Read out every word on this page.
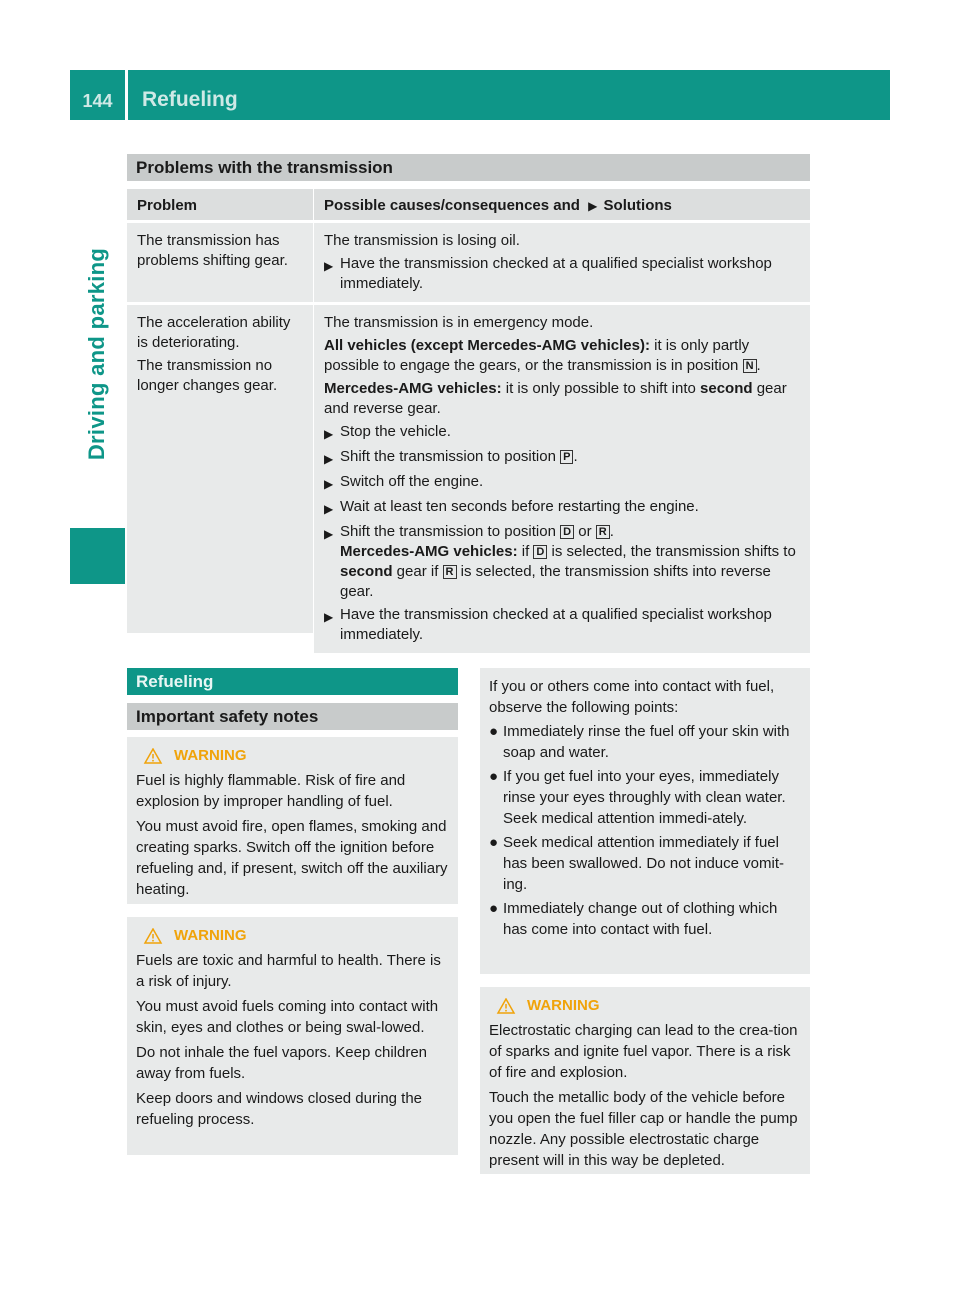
144	Refueling
Driving and parking
Problems with the transmission
Problem	Possible causes/consequences and ▶ Solutions
The transmission has problems shifting gear.
The transmission is losing oil.
▶ Have the transmission checked at a qualified specialist workshop immediately.
The acceleration ability is deteriorating.
The transmission no longer changes gear.
The transmission is in emergency mode.
All vehicles (except Mercedes-AMG vehicles): it is only partly possible to engage the gears, or the transmission is in position N .
Mercedes-AMG vehicles: it is only possible to shift into second gear and reverse gear.
▶ Stop the vehicle.
▶ Shift the transmission to position P .
▶ Switch off the engine.
▶ Wait at least ten seconds before restarting the engine.
▶ Shift the transmission to position D or R .
Mercedes-AMG vehicles: if D is selected, the transmission shifts to second gear if R is selected, the transmission shifts into reverse gear.
▶ Have the transmission checked at a qualified specialist workshop immediately.
Refueling
Important safety notes
WARNING
Fuel is highly flammable. Risk of fire and explosion by improper handling of fuel.
You must avoid fire, open flames, smoking and creating sparks. Switch off the ignition before refueling and, if present, switch off the auxiliary heating.
WARNING
Fuels are toxic and harmful to health. There is a risk of injury.
You must avoid fuels coming into contact with skin, eyes and clothes or being swal-lowed.
Do not inhale the fuel vapors. Keep children away from fuels.
Keep doors and windows closed during the refueling process.
If you or others come into contact with fuel, observe the following points:
● Immediately rinse the fuel off your skin with soap and water.
● If you get fuel into your eyes, immediately rinse your eyes throughly with clean water. Seek medical attention immedi-ately.
● Seek medical attention immediately if fuel has been swallowed. Do not induce vomit-ing.
● Immediately change out of clothing which has come into contact with fuel.
WARNING
Electrostatic charging can lead to the crea-tion of sparks and ignite fuel vapor. There is a risk of fire and explosion.
Touch the metallic body of the vehicle before you open the fuel filler cap or handle the pump nozzle. Any possible electrostatic charge present will in this way be depleted.
